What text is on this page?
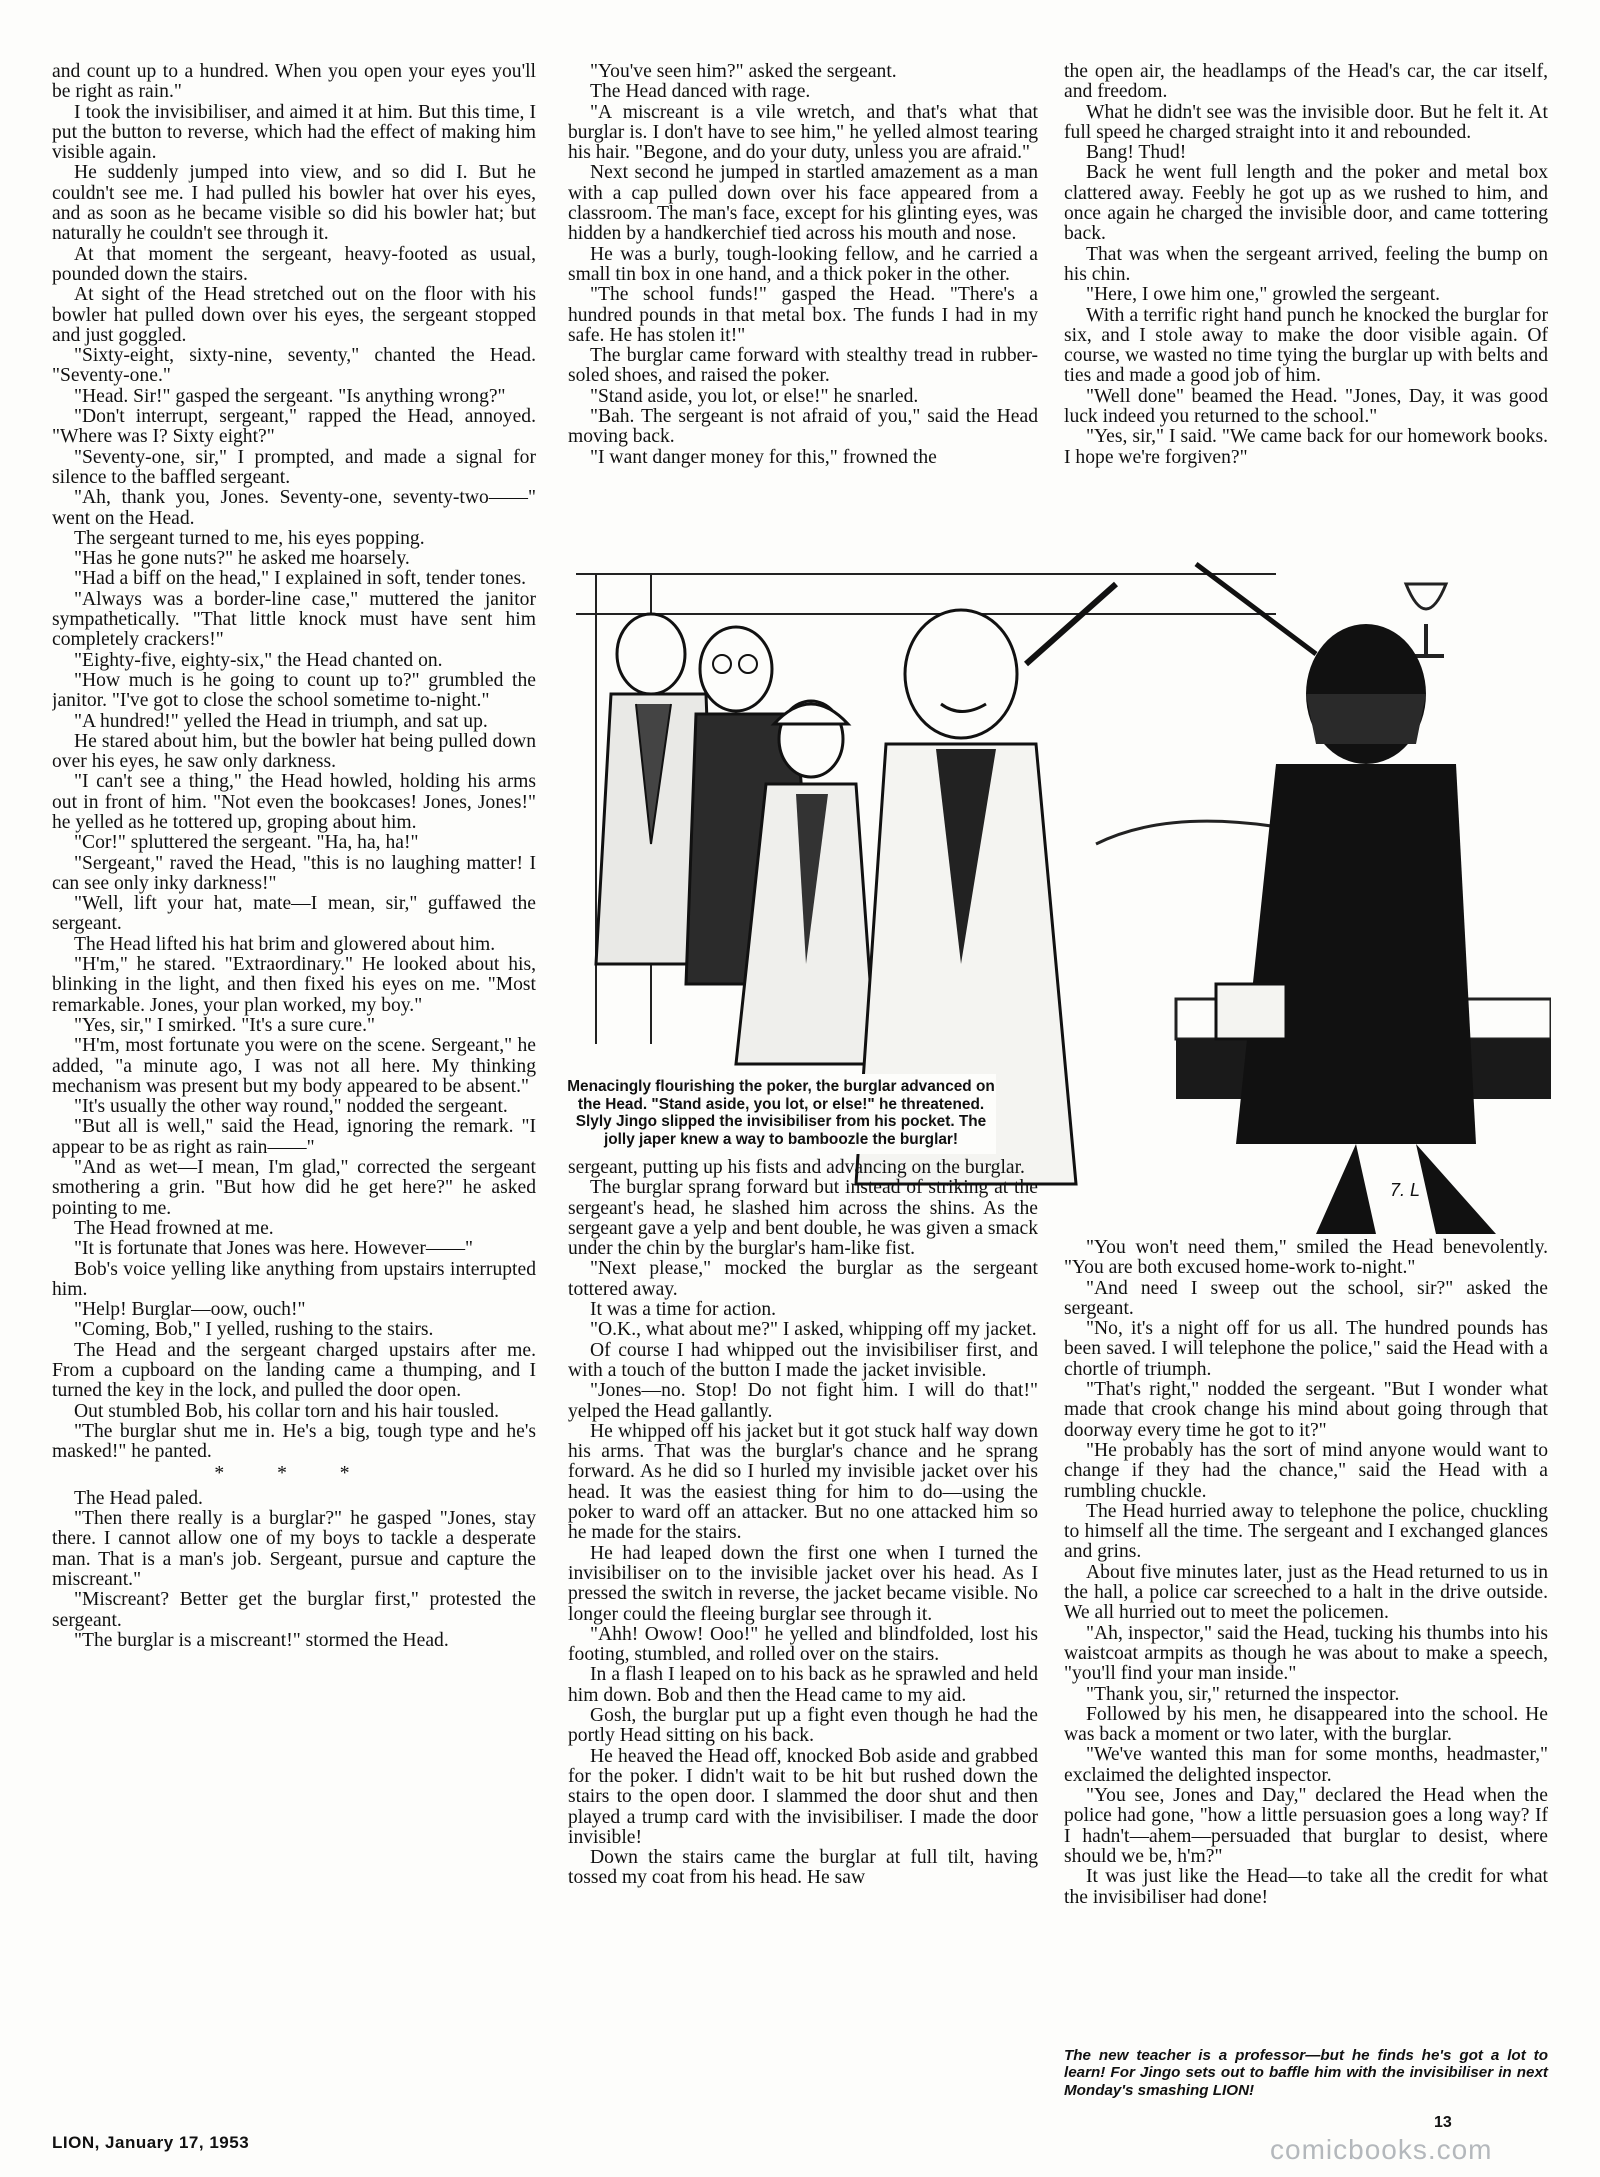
and count up to a hundred. When you open your eyes you'll be right as rain."

I took the invisibiliser, and aimed it at him. But this time, I put the button to reverse, which had the effect of making him visible again.

He suddenly jumped into view, and so did I. But he couldn't see me. I had pulled his bowler hat over his eyes, and as soon as he became visible so did his bowler hat; but naturally he couldn't see through it.

At that moment the sergeant, heavy-footed as usual, pounded down the stairs.

At sight of the Head stretched out on the floor with his bowler hat pulled down over his eyes, the sergeant stopped and just goggled.

"Sixty-eight, sixty-nine, seventy," chanted the Head. "Seventy-one."

"Head. Sir!" gasped the sergeant. "Is anything wrong?"

"Don't interrupt, sergeant," rapped the Head, annoyed. "Where was I? Sixty eight?"

"Seventy-one, sir," I prompted, and made a signal for silence to the baffled sergeant.

"Ah, thank you, Jones. Seventy-one, seventy-two——" went on the Head.

The sergeant turned to me, his eyes popping.

"Has he gone nuts?" he asked me hoarsely.

"Had a biff on the head," I explained in soft, tender tones.

"Always was a border-line case," muttered the janitor sympathetically. "That little knock must have sent him completely crackers!"

"Eighty-five, eighty-six," the Head chanted on.

"How much is he going to count up to?" grumbled the janitor. "I've got to close the school sometime to-night."

"A hundred!" yelled the Head in triumph, and sat up.

He stared about him, but the bowler hat being pulled down over his eyes, he saw only darkness.

"I can't see a thing," the Head howled, holding his arms out in front of him. "Not even the bookcases! Jones, Jones!" he yelled as he tottered up, groping about him.

"Cor!" spluttered the sergeant. "Ha, ha, ha!"

"Sergeant," raved the Head, "this is no laughing matter! I can see only inky darkness!"

"Well, lift your hat, mate—I mean, sir," guffawed the sergeant.

The Head lifted his hat brim and glowered about him.

"H'm," he stared. "Extraordinary." He looked about his, blinking in the light, and then fixed his eyes on me. "Most remarkable. Jones, your plan worked, my boy."

"Yes, sir," I smirked. "It's a sure cure."

"H'm, most fortunate you were on the scene. Sergeant," he added, "a minute ago, I was not all here. My thinking mechanism was present but my body appeared to be absent."

"It's usually the other way round," nodded the sergeant.

"But all is well," said the Head, ignoring the remark. "I appear to be as right as rain——"

"And as wet—I mean, I'm glad," corrected the sergeant smothering a grin. "But how did he get here?" he asked pointing to me.

The Head frowned at me.

"It is fortunate that Jones was here. However——"

Bob's voice yelling like anything from upstairs interrupted him.

"Help! Burglar—oow, ouch!"

"Coming, Bob," I yelled, rushing to the stairs.

The Head and the sergeant charged upstairs after me. From a cupboard on the landing came a thumping, and I turned the key in the lock, and pulled the door open.

Out stumbled Bob, his collar torn and his hair tousled.

"The burglar shut me in. He's a big, tough type and he's masked!" he panted.

* * *

The Head paled.

"Then there really is a burglar?" he gasped "Jones, stay there. I cannot allow one of my boys to tackle a desperate man. That is a man's job. Sergeant, pursue and capture the miscreant."

"Miscreant? Better get the burglar first," protested the sergeant.

"The burglar is a miscreant!" stormed the Head.

"You've seen him?" asked the sergeant.

The Head danced with rage.

"A miscreant is a vile wretch, and that's what that burglar is. I don't have to see him," he yelled almost tearing his hair. "Begone, and do your duty, unless you are afraid."

Next second he jumped in startled amazement as a man with a cap pulled down over his face appeared from a classroom. The man's face, except for his glinting eyes, was hidden by a handkerchief tied across his mouth and nose.

He was a burly, tough-looking fellow, and he carried a small tin box in one hand, and a thick poker in the other.

"The school funds!" gasped the Head. "There's a hundred pounds in that metal box. The funds I had in my safe. He has stolen it!"

The burglar came forward with stealthy tread in rubber-soled shoes, and raised the poker.

"Stand aside, you lot, or else!" he snarled.

"Bah. The sergeant is not afraid of you," said the Head moving back.

"I want danger money for this," frowned the

the open air, the headlamps of the Head's car, the car itself, and freedom.

What he didn't see was the invisible door. But he felt it. At full speed he charged straight into it and rebounded.

Bang! Thud!

Back he went full length and the poker and metal box clattered away. Feebly he got up as we rushed to him, and once again he charged the invisible door, and came tottering back.

That was when the sergeant arrived, feeling the bump on his chin.

"Here, I owe him one," growled the sergeant.

With a terrific right hand punch he knocked the burglar for six, and I stole away to make the door visible again. Of course, we wasted no time tying the burglar up with belts and ties and made a good job of him.

"Well done" beamed the Head. "Jones, Day, it was good luck indeed you returned to the school."

"Yes, sir," I said. "We came back for our homework books. I hope we're forgiven?"

Menacingly flourishing the poker, the burglar advanced on the Head. "Stand aside, you lot, or else!" he threatened. Slyly Jingo slipped the invisibiliser from his pocket. The jolly japer knew a way to bamboozle the burglar!
7. L

sergeant, putting up his fists and advancing on the burglar.

The burglar sprang forward but instead of striking at the sergeant's head, he slashed him across the shins. As the sergeant gave a yelp and bent double, he was given a smack under the chin by the burglar's ham-like fist.

"Next please," mocked the burglar as the sergeant tottered away.

It was a time for action.

"O.K., what about me?" I asked, whipping off my jacket.

Of course I had whipped out the invisibiliser first, and with a touch of the button I made the jacket invisible.

"Jones—no. Stop! Do not fight him. I will do that!" yelped the Head gallantly.

He whipped off his jacket but it got stuck half way down his arms. That was the burglar's chance and he sprang forward. As he did so I hurled my invisible jacket over his head. It was the easiest thing for him to do—using the poker to ward off an attacker. But no one attacked him so he made for the stairs.

He had leaped down the first one when I turned the invisibiliser on to the invisible jacket over his head. As I pressed the switch in reverse, the jacket became visible. No longer could the fleeing burglar see through it.

"Ahh! Owow! Ooo!" he yelled and blindfolded, lost his footing, stumbled, and rolled over on the stairs.

In a flash I leaped on to his back as he sprawled and held him down. Bob and then the Head came to my aid.

Gosh, the burglar put up a fight even though he had the portly Head sitting on his back.

He heaved the Head off, knocked Bob aside and grabbed for the poker. I didn't wait to be hit but rushed down the stairs to the open door. I slammed the door shut and then played a trump card with the invisibiliser. I made the door invisible!

Down the stairs came the burglar at full tilt, having tossed my coat from his head. He saw

"You won't need them," smiled the Head benevolently. "You are both excused home-work to-night."

"And need I sweep out the school, sir?" asked the sergeant.

"No, it's a night off for us all. The hundred pounds has been saved. I will telephone the police," said the Head with a chortle of triumph.

"That's right," nodded the sergeant. "But I wonder what made that crook change his mind about going through that doorway every time he got to it?"

"He probably has the sort of mind anyone would want to change if they had the chance," said the Head with a rumbling chuckle.

The Head hurried away to telephone the police, chuckling to himself all the time. The sergeant and I exchanged glances and grins.

About five minutes later, just as the Head returned to us in the hall, a police car screeched to a halt in the drive outside. We all hurried out to meet the policemen.

"Ah, inspector," said the Head, tucking his thumbs into his waistcoat armpits as though he was about to make a speech, "you'll find your man inside."

"Thank you, sir," returned the inspector.

Followed by his men, he disappeared into the school. He was back a moment or two later, with the burglar.

"We've wanted this man for some months, headmaster," exclaimed the delighted inspector.

"You see, Jones and Day," declared the Head when the police had gone, "how a little persuasion goes a long way? If I hadn't—ahem—persuaded that burglar to desist, where should we be, h'm?"

It was just like the Head—to take all the credit for what the invisibiliser had done!

The new teacher is a professor—but he finds he's got a lot to learn! For Jingo sets out to baffle him with the invisibiliser in next Monday's smashing LION!
LION, January 17, 1953
13
comicbooks.com
